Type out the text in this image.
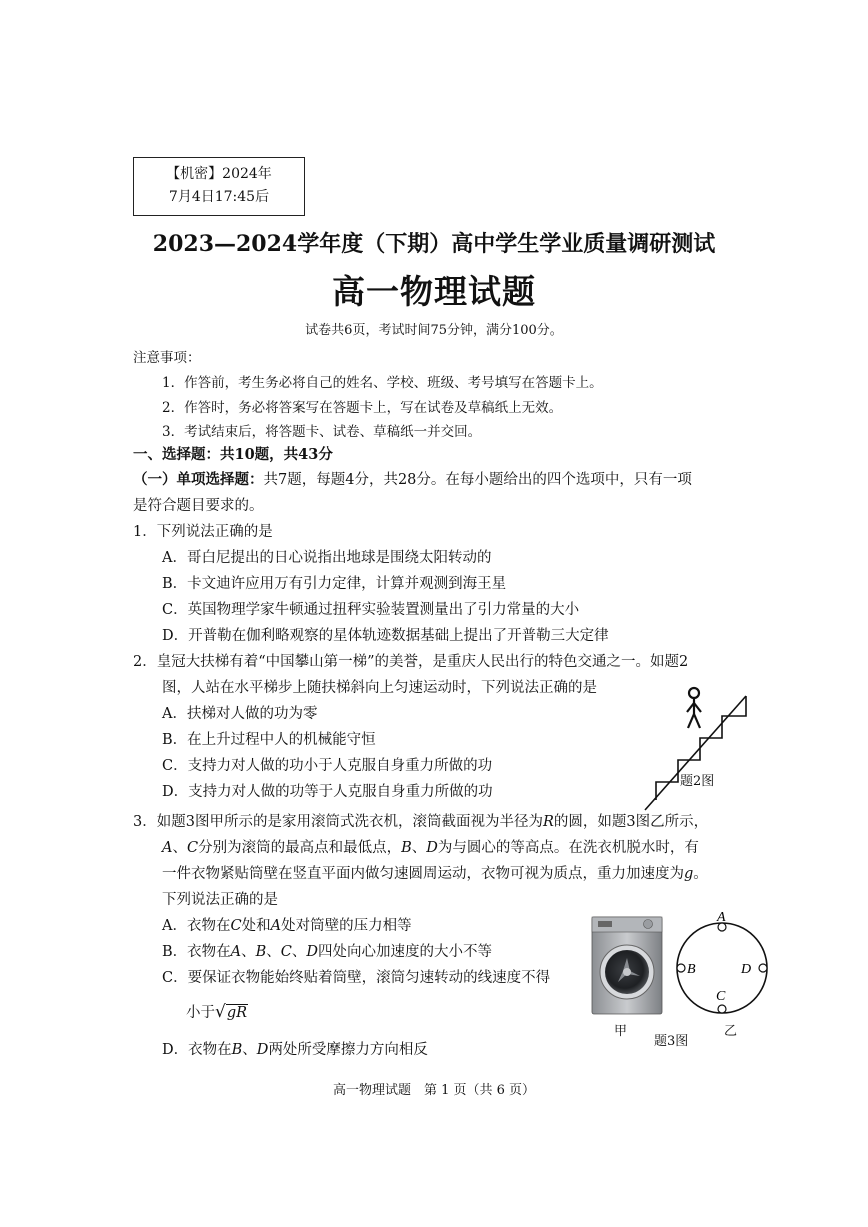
【机密】2024年
7月4日17:45后
2023—2024学年度（下期）高中学生学业质量调研测试
高一物理试题
试卷共6页，考试时间75分钟，满分100分。
注意事项：
1．作答前，考生务必将自己的姓名、学校、班级、考号填写在答题卡上。
2．作答时，务必将答案写在答题卡上，写在试卷及草稿纸上无效。
3．考试结束后，将答题卡、试卷、草稿纸一并交回。
一、选择题：共10题，共43分
（一）单项选择题：共7题，每题4分，共28分。在每小题给出的四个选项中，只有一项
是符合题目要求的。
1．下列说法正确的是
A．哥白尼提出的日心说指出地球是围绕太阳转动的
B．卡文迪许应用万有引力定律，计算并观测到海王星
C．英国物理学家牛顿通过扭秤实验装置测量出了引力常量的大小
D．开普勒在伽利略观察的星体轨迹数据基础上提出了开普勒三大定律
2．皇冠大扶梯有着“中国攀山第一梯”的美誉，是重庆人民出行的特色交通之一。如题2
图，人站在水平梯步上随扶梯斜向上匀速运动时，下列说法正确的是
A．扶梯对人做的功为零
B．在上升过程中人的机械能守恒
C．支持力对人做的功小于人克服自身重力所做的功
D．支持力对人做的功等于人克服自身重力所做的功
题2图
3．如题3图甲所示的是家用滚筒式洗衣机，滚筒截面视为半径为R的圆，如题3图乙所示，
A、C分别为滚筒的最高点和最低点，B、D为与圆心的等高点。在洗衣机脱水时，有
一件衣物紧贴筒壁在竖直平面内做匀速圆周运动，衣物可视为质点，重力加速度为g。
下列说法正确的是
A．衣物在C处和A处对筒壁的压力相等
B．衣物在A、B、C、D四处向心加速度的大小不等
C．要保证衣物能始终贴着筒壁，滚筒匀速转动的线速度不得
小于√gR
D．衣物在B、D两处所受摩擦力方向相反
甲
A
C
B	D
题3图
乙
高一物理试题　第 1 页（共 6 页）
